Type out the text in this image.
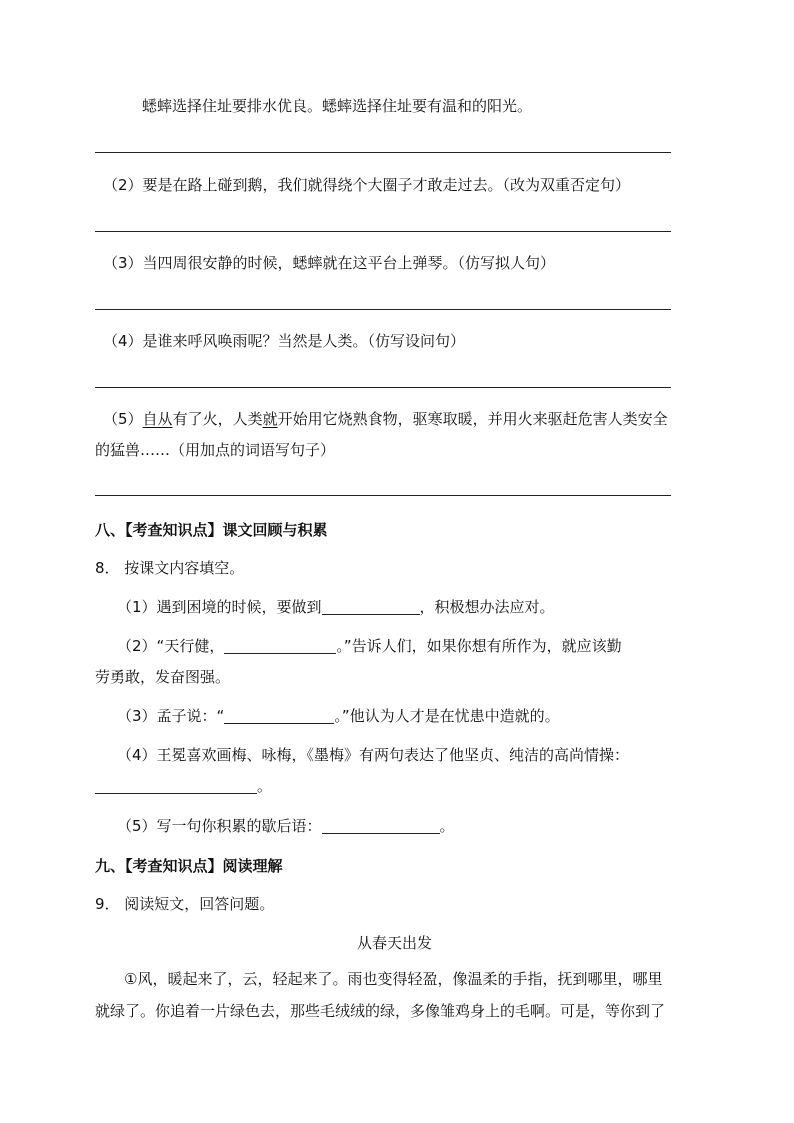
蟋蟀选择住址要排水优良。蟋蟀选择住址要有温和的阳光。
（2）要是在路上碰到鹅，我们就得绕个大圈子才敢走过去。（改为双重否定句）
（3）当四周很安静的时候，蟋蟀就在这平台上弹琴。（仿写拟人句）
（4）是谁来呼风唤雨呢？当然是人类。（仿写设问句）
（5）自从有了火，人类就开始用它烧熟食物，驱寒取暖，并用火来驱赶危害人类安全
的猛兽……（用加点的词语写句子）
八、【考查知识点】课文回顾与积累
8． 按课文内容填空。
（1）遇到困境的时候，要做到	，积极想办法应对。
（2）“天行健，	。”告诉人们，如果你想有所作为，就应该勤
劳勇敢，发奋图强。
（3）孟子说：“	。”他认为人才是在忧患中造就的。
（4）王冕喜欢画梅、咏梅，《墨梅》有两句表达了他坚贞、纯洁的高尚情操：
。
（5）写一句你积累的歇后语：	。
九、【考查知识点】阅读理解
9． 阅读短文，回答问题。
从春天出发
①风，暖起来了，云，轻起来了。雨也变得轻盈，像温柔的手指，抚到哪里，哪里
就绿了。你追着一片绿色去，那些毛绒绒的绿，多像雏鸡身上的毛啊。可是，等你到了
